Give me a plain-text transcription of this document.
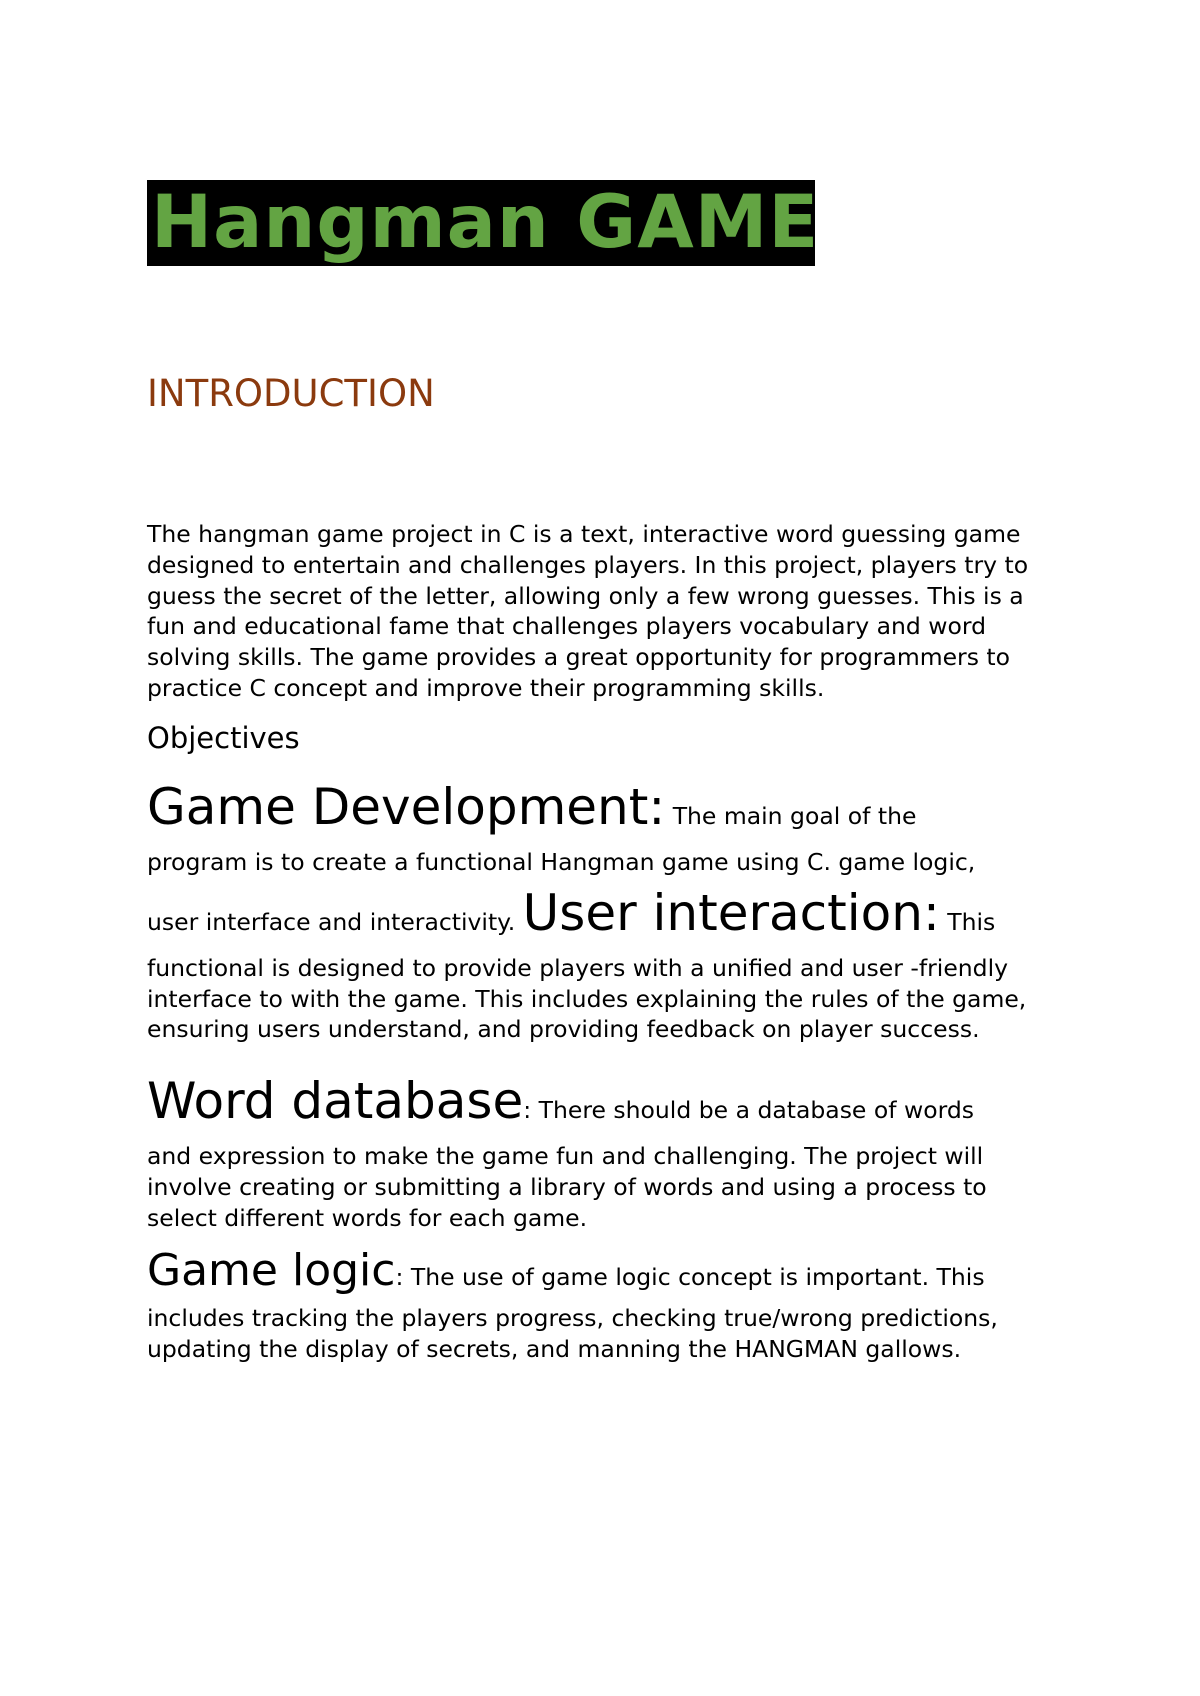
Hangman GAME
INTRODUCTION

The hangman game project in C is a text, interactive word guessing game
designed to entertain and challenges players. In this project, players try to
guess the secret of the letter, allowing only a few wrong guesses. This is a
fun and educational fame that challenges players vocabulary and word
solving skills. The game provides a great opportunity for programmers to
practice C concept and improve their programming skills.

Objectives
Game Development: The main goal of the
program is to create a functional Hangman game using C. game logic,
user interface and interactivity. User interaction: This
functional is designed to provide players with a unified and user -friendly
interface to with the game. This includes explaining the rules of the game,
ensuring users understand, and providing feedback on player success.
Word database: There should be a database of words
and expression to make the game fun and challenging. The project will
involve creating or submitting a library of words and using a process to
select different words for each game.
Game logic: The use of game logic concept is important. This
includes tracking the players progress, checking true/wrong predictions,
updating the display of secrets, and manning the HANGMAN gallows.
